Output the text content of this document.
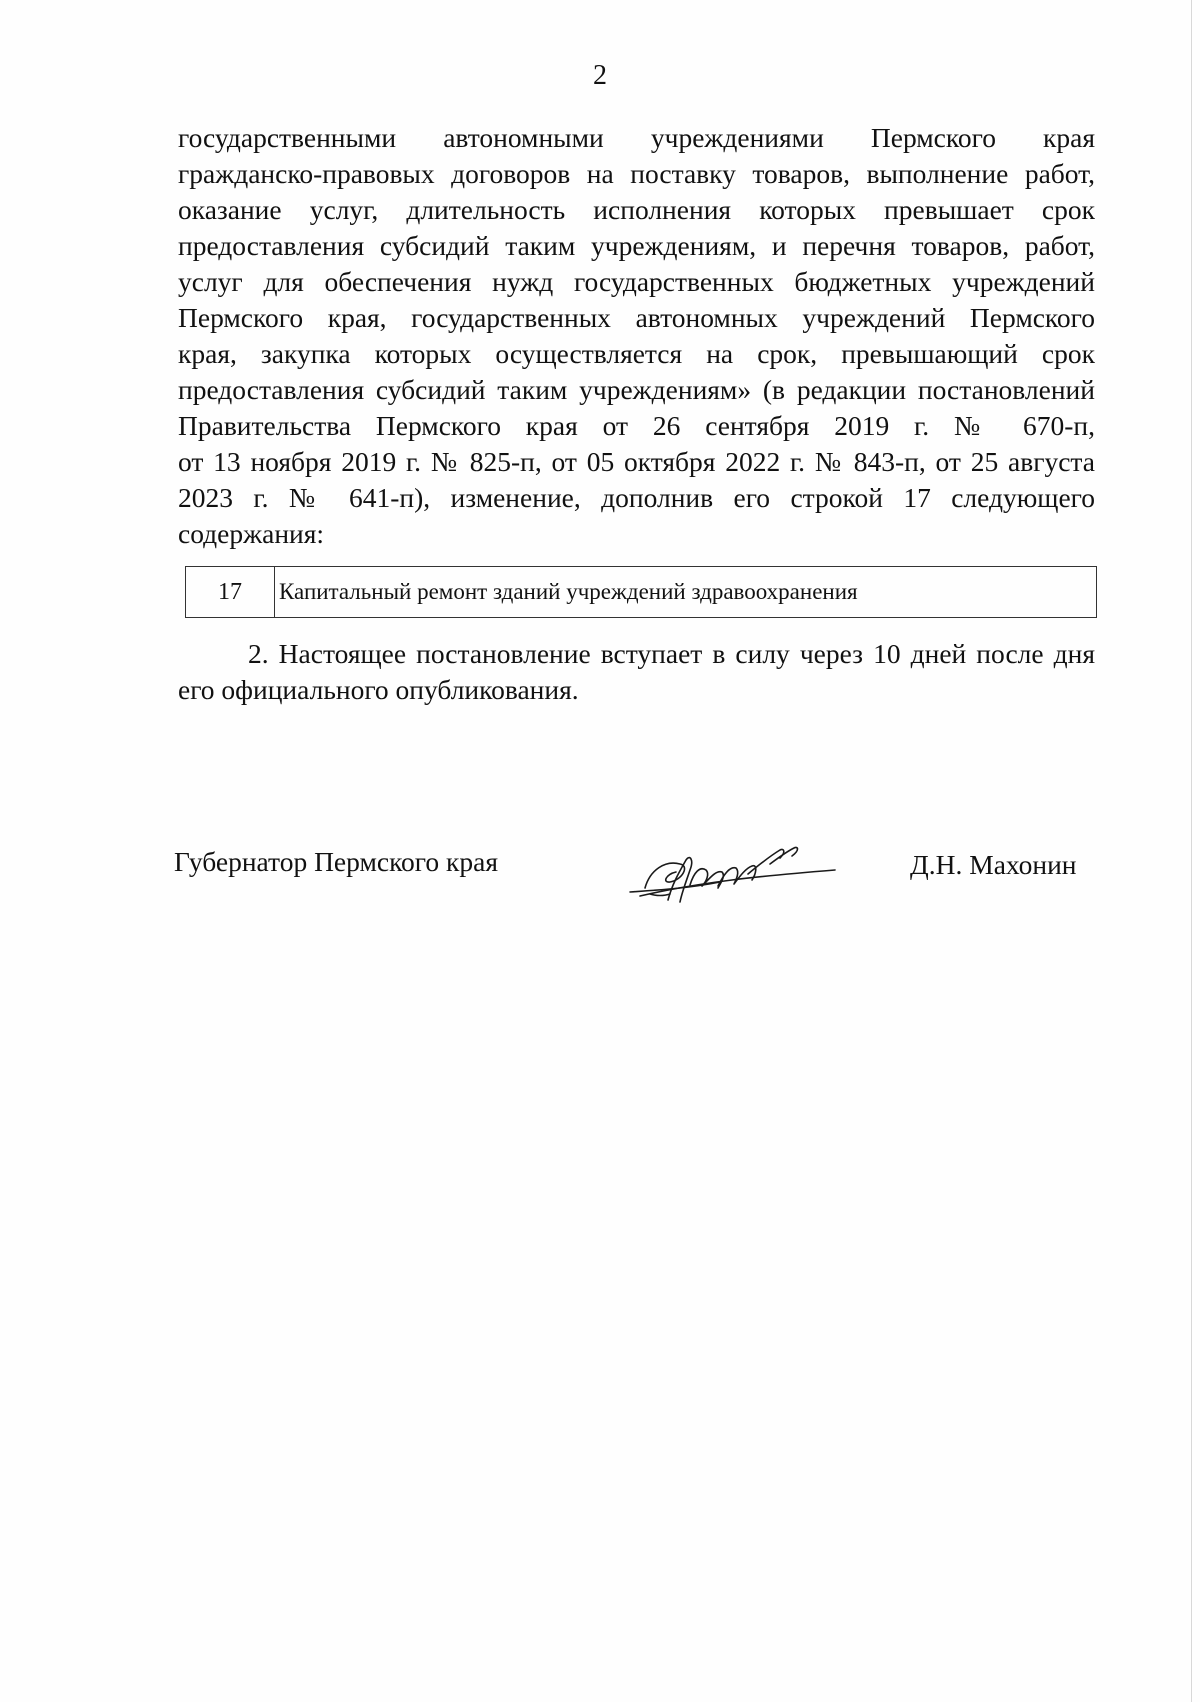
2
государственными автономными учреждениями Пермского края
гражданско-правовых договоров на поставку товаров, выполнение работ,
оказание услуг, длительность исполнения которых превышает срок
предоставления субсидий таким учреждениям, и перечня товаров, работ,
услуг для обеспечения нужд государственных бюджетных учреждений
Пермского края, государственных автономных учреждений Пермского
края, закупка которых осуществляется на срок, превышающий срок
предоставления субсидий таким учреждениям» (в редакции постановлений
Правительства Пермского края от 26 сентября 2019 г. № 670-п,
от 13 ноября 2019 г. № 825-п, от 05 октября 2022 г. № 843-п, от 25 августа
2023 г. № 641-п), изменение, дополнив его строкой 17 следующего
содержания:
17	Капитальный ремонт зданий учреждений здравоохранения
2. Настоящее постановление вступает в силу через 10 дней после дня
его официального опубликования.
Губернатор Пермского края	Д.Н. Махонин
